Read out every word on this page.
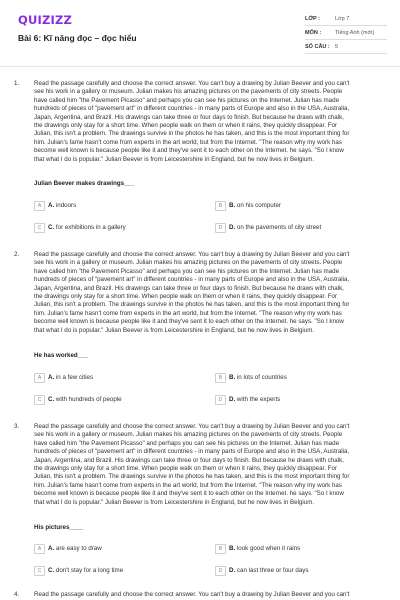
QUIZIZZ
Bài 6: Kĩ năng đọc – đọc hiểu
LỚP :	Lớp 7
MÔN :	Tiếng Anh (mới)
SỐ CÂU : 5
1. Read the passage carefully and choose the correct answer. You can't buy a drawing by Julian Beever and you can't
see his work in a gallery or museum. Julian makes his amazing pictures on the pavements of city streets. People
have called him "the Pavement Picasso" and perhaps you can see his pictures on the Internet. Julian has made
hundreds of pieces of "pavement art" in different countries - in many parts of Europe and also in the USA, Australia,
Japan, Argentina, and Brazil. His drawings can take three or four days to finish. But because he draws with chalk,
the drawings only stay for a short time. When people walk on them or when it rains, they quickly disappear. For
Julian, this isn't a problem. The drawings survive in the photos he has taken, and this is the most important thing for
him. Julian's fame hasn't come from experts in the art world, but from the Internet. "The reason why my work has
become well known is because people like it and they've sent it to each other on the Internet. he says. "So I know
that what I do is popular." Julian Beever is from Leicestershire in England, but he now lives in Belgium.
Julian Beever makes drawings___
A	A. indoors	B	B. on his computer
C	C. for exhibitions in a gallery	D	D. on the pavements of city street
2. Read the passage carefully and choose the correct answer. You can't buy a drawing by Julian Beever and you can't
see his work in a gallery or museum. Julian makes his amazing pictures on the pavements of city streets. People
have called him "the Pavement Picasso" and perhaps you can see his pictures on the Internet. Julian has made
hundreds of pieces of "pavement art" in different countries - in many parts of Europe and also in the USA, Australia,
Japan, Argentina, and Brazil. His drawings can take three or four days to finish. But because he draws with chalk,
the drawings only stay for a short time. When people walk on them or when it rains, they quickly disappear. For
Julian, this isn't a problem. The drawings survive in the photos he has taken, and this is the most important thing for
him. Julian's fame hasn't come from experts in the art world, but from the Internet. "The reason why my work has
become well known is because people like it and they've sent it to each other on the Internet. he says. "So I know
that what I do is popular." Julian Beever is from Leicestershire in England, but he now lives in Belgium.
He has worked___
A	A. in a few cities	B	B. in lots of countries
C	C. with hundreds of people	D	D. with the experts
3. Read the passage carefully and choose the correct answer. You can't buy a drawing by Julian Beever and you can't
see his work in a gallery or museum. Julian makes his amazing pictures on the pavements of city streets. People
have called him "the Pavement Picasso" and perhaps you can see his pictures on the Internet. Julian has made
hundreds of pieces of "pavement art" in different countries - in many parts of Europe and also in the USA, Australia,
Japan, Argentina, and Brazil. His drawings can take three or four days to finish. But because he draws with chalk,
the drawings only stay for a short time. When people walk on them or when it rains, they quickly disappear. For
Julian, this isn't a problem. The drawings survive in the photos he has taken, and this is the most important thing for
him. Julian's fame hasn't come from experts in the art world, but from the Internet. "The reason why my work has
become well known is because people like it and they've sent it to each other on the Internet. he says. "So I know
that what I do is popular." Julian Beever is from Leicestershire in England, but he now lives in Belgium.
His pictures____
A	A. are easy to draw	B	B. look good when it rains
C	C. don't stay for a long time	D	D. can last three or four days
4. Read the passage carefully and choose the correct answer. You can't buy a drawing by Julian Beever and you can't
